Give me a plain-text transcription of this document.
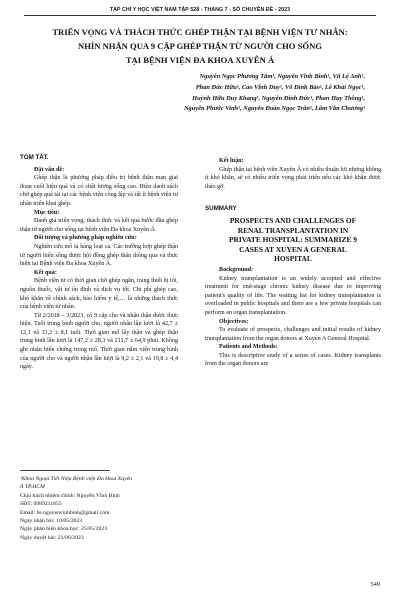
TẠP CHÍ Y HỌC VIỆT NAM TẬP 528 - THÁNG 7 - SỐ CHUYÊN ĐỀ - 2023
TRIỂN VỌNG VÀ THÁCH THỨC GHÉP THẬN TẠI BỆNH VIỆN TƯ NHÂN:
NHÌN NHẬN QUA 9 CẶP GHÉP THẬN TỪ NGƯỜI CHO SỐNG
TẠI BỆNH VIỆN ĐA KHOA XUYÊN Á
Nguyễn Ngọc Phương Tâm¹, Nguyễn Vĩnh Bình¹, Vũ Lệ Anh¹,
Phan Đức Hữu¹, Cao Vĩnh Duy¹, Võ Đình Bảo¹, Lê Khải Ngọc¹,
Huỳnh Hữu Duy Khang¹, Nguyễn Đình Đức¹, Phan Huy Thông¹,
Nguyễn Phước Vinh¹, Nguyễn Đoàn Ngọc Trân¹, Lâm Văn Chương¹
TÓM TẮT.
Đặt vấn đề:

Ghép thận là phương pháp điều trị bệnh thận mạn giai đoạn cuối hiệu quả và có chất lượng sống cao. Hiện danh sách chờ ghép quá tải tại các bệnh viện công lập và rất ít bệnh viện tư nhân triển khai ghép.

Mục tiêu:

Đánh giá triển vọng, thách thức và kết quả bước đầu ghép thận từ người cho sống tại bệnh viện Đa khoa Xuyên Á.

Đối tượng và phương pháp nghiên cứu:

Nghiên cứu mô tả hàng loạt ca. Các trường hợp ghép thận từ người hiến sống được hội đồng ghép thận thông qua và thực hiện tại Bệnh viện Đa khoa Xuyên Á.

Kết quả:

Bệnh viện tư có thời gian chờ ghép ngắn, trang thiết bị tốt, nguồn thuốc, vật tư ổn định và dịch vụ tốt. Chi phí ghép cao, khó khăn về chính sách, bảo hiểm y tế,… là những thách thức của bệnh viện tư nhân.

Từ 2/2018 – 3/2023, có 9 cặp cho và nhận thận được thực hiện. Tuổi trung bình người cho, người nhận lần lượt là 42,7 ± 12,1 và 33,2 ± 8,1 tuổi. Thời gian mổ lấy thận và ghép thận trung bình lần lượt là 147,2 ± 28,3 và 211,7 ± 64,9 phút. Không ghi nhận biến chứng trong mổ. Thời gian nằm viện trung bình của người cho và người nhận lần lượt là 9,2 ± 2,1 và 19,8 ± 4,4 ngày.

Kết luận:

Ghép thận tại bệnh viện Xuyên Á có nhiều thuận lợi nhưng không ít khó khăn, sẽ có nhiều triển vọng phát triển nếu các khó khăn được tháo gỡ.

SUMMARY
PROSPECTS AND CHALLENGES OF
RENAL TRANSPLANTATION IN
PRIVATE HOSPITAL: SUMMARIZE 9
CASES AT XUYEN A GENERAL
HOSPITAL
Background:

Kidney transplantation is an widely accepted and effective treatment for end-stage chronic kidney disease due to improving patient's quality of life. The waiting list for kidney transplantation is overloaded in public hospitals and there are a few private hospitals can perform an organ transplantation.

Objectives:

To evaluate of prospects, challenges and initial results of kidney transplantation from the organ donors at Xuyen A General Hospital.

Patients and Methods:

This is descriptive study of a series of cases. Kidney transplants from the organ donors are

¹Khoa Ngoại Tiết Niệu Bệnh viện Đa khoa Xuyên
Á TP.HCM
Chịu trách nhiệm chính: Nguyễn Vĩnh Bình
SĐT: 0989211855
Email: bs.nguyenvinhbinh@gmail.com
Ngày nhận bài: 10/05/2023
Ngày phản biện khoa học: 25/05/2023
Ngày duyệt bài: 21/06/2023
549
